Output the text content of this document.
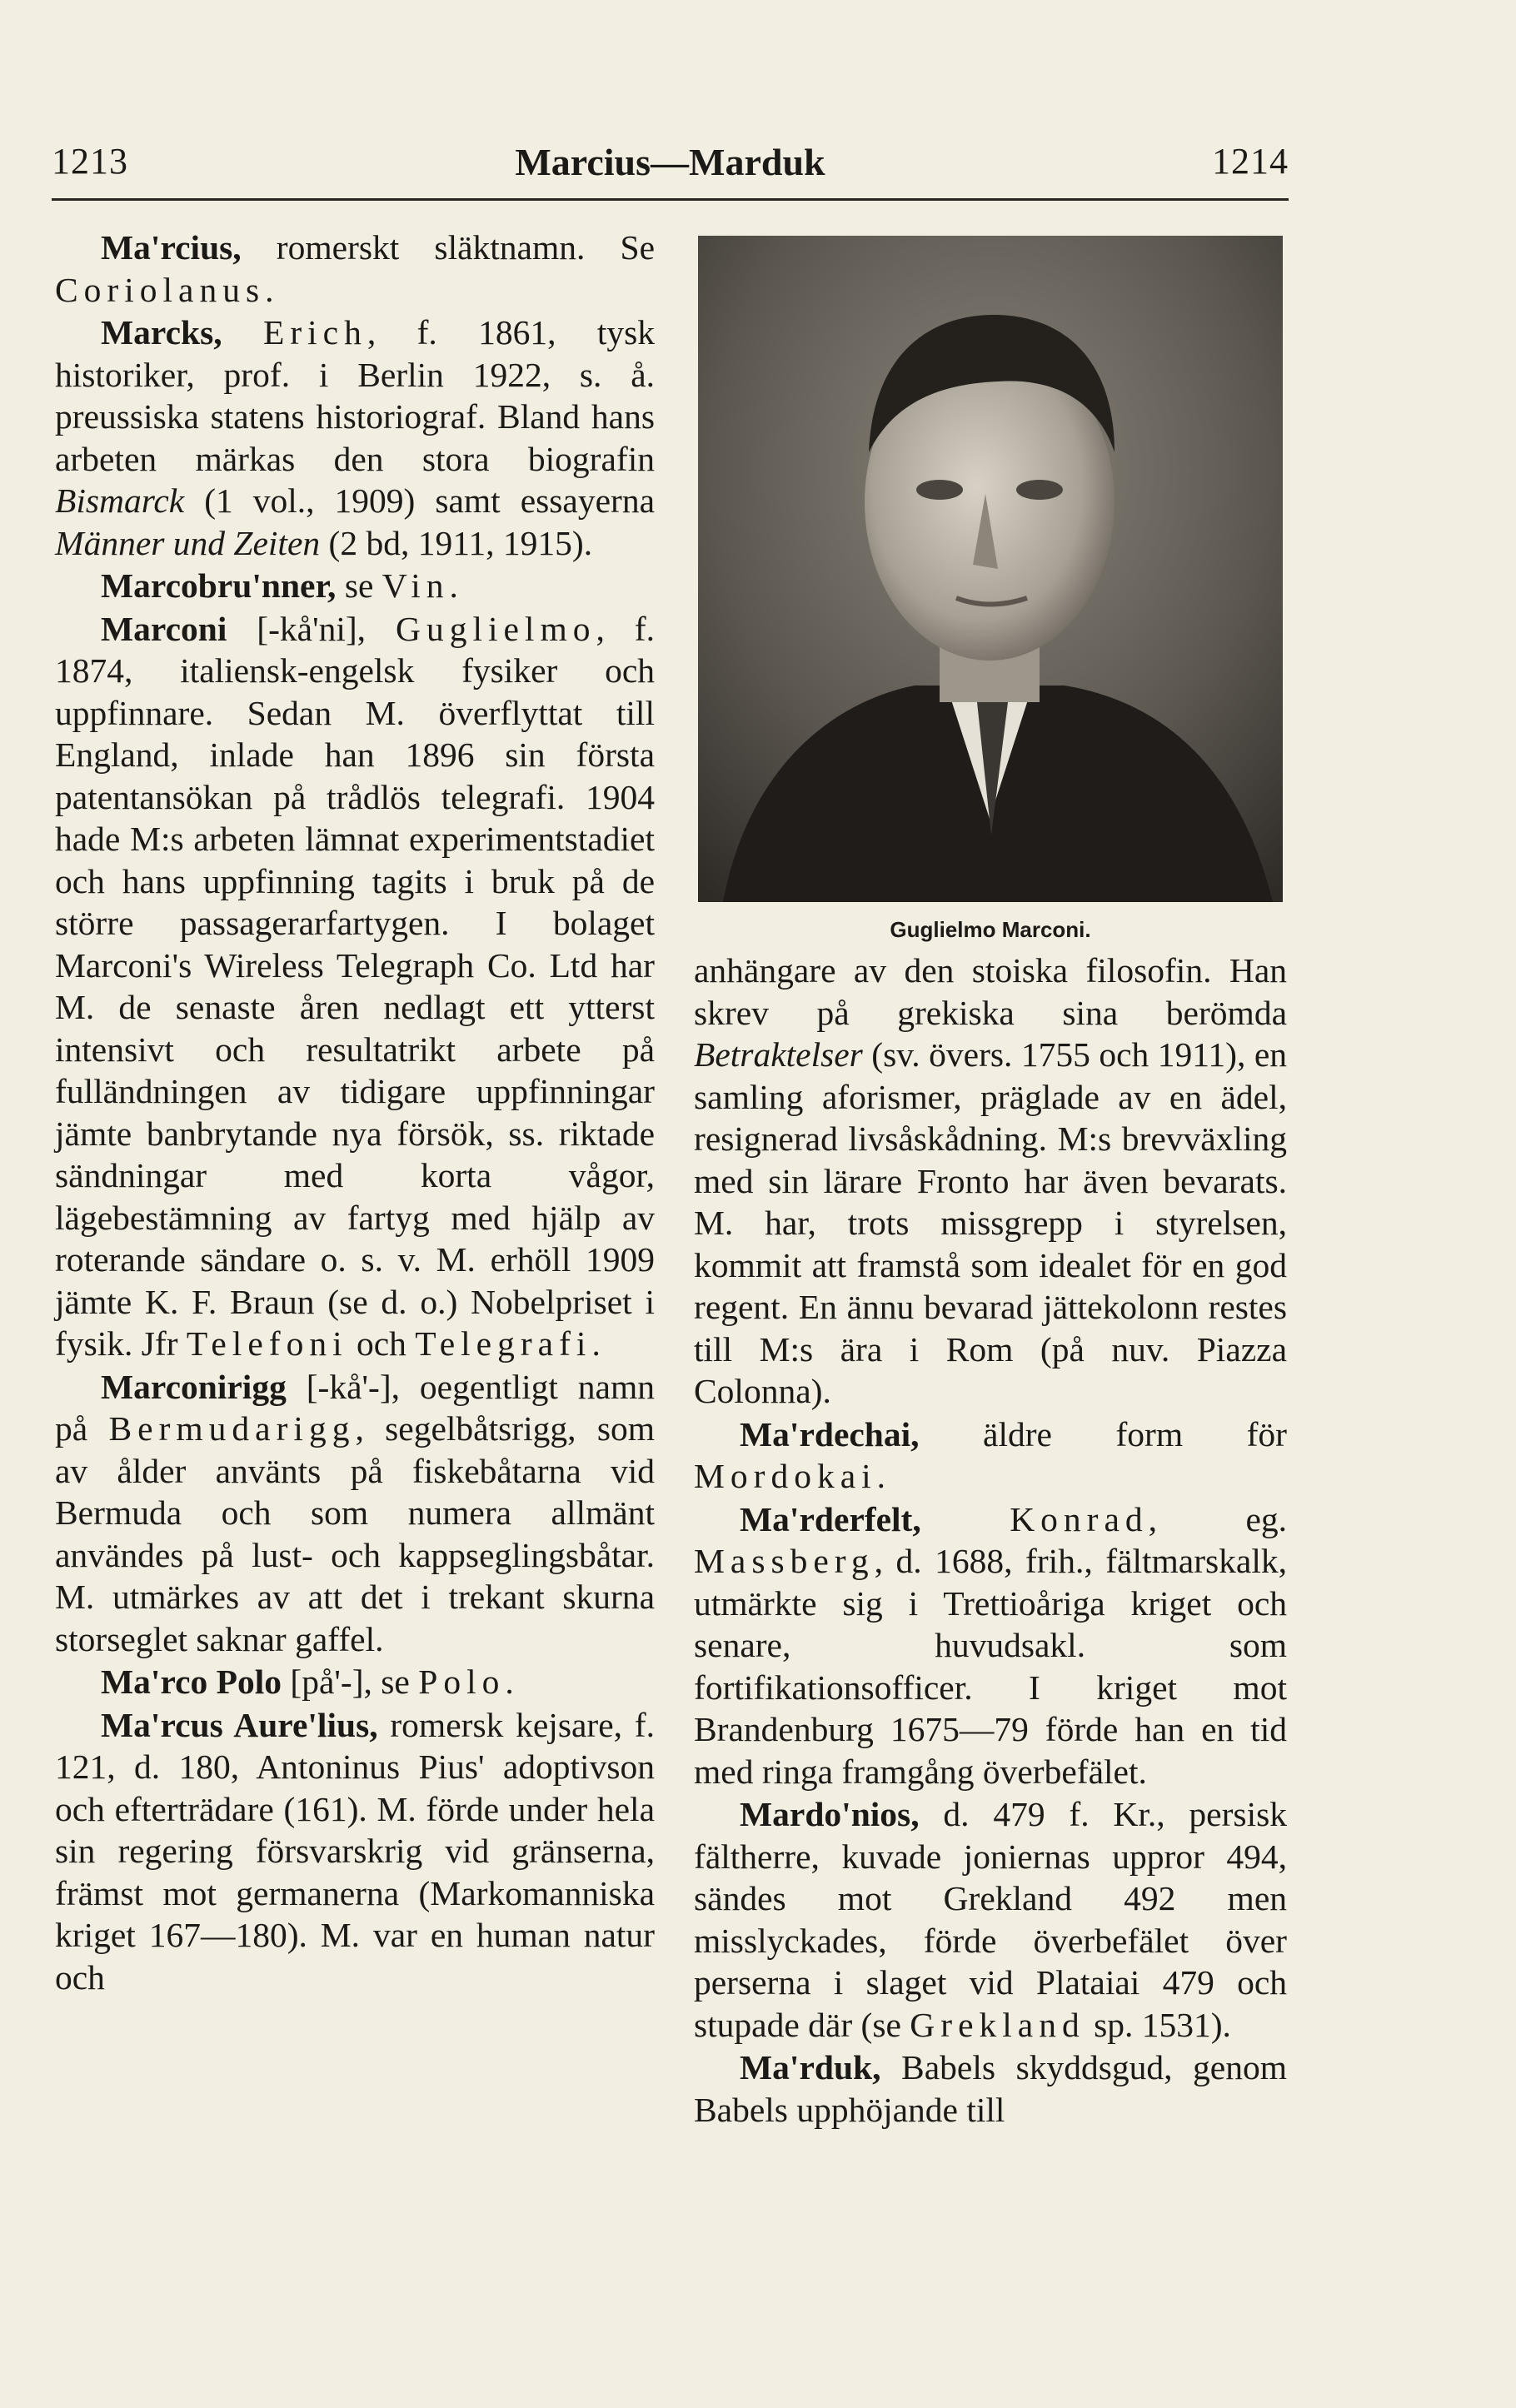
1213	Marcius—Marduk	1214

Ma'rcius, romerskt släktnamn. Se Coriolanus.

Marcks, Erich, f. 1861, tysk historiker, prof. i Berlin 1922, s. å. preussiska statens historiograf. Bland hans arbeten märkas den stora biografin Bismarck (1 vol., 1909) samt essayerna Männer und Zeiten (2 bd, 1911, 1915).

Marcobru'nner, se Vin.

Marconi [-kå'ni], Guglielmo, f. 1874, italiensk-engelsk fysiker och uppfinnare. Sedan M. överflyttat till England, inlade han 1896 sin första patentansökan på trådlös telegrafi. 1904 hade M:s arbeten lämnat experimentstadiet och hans uppfinning tagits i bruk på de större passagerarfartygen. I bolaget Marconi's Wireless Telegraph Co. Ltd har M. de senaste åren nedlagt ett ytterst intensivt och resultatrikt arbete på fulländningen av tidigare uppfinningar jämte banbrytande nya försök, ss. riktade sändningar med korta vågor, lägebestämning av fartyg med hjälp av roterande sändare o. s. v. M. erhöll 1909 jämte K. F. Braun (se d. o.) Nobelpriset i fysik. Jfr Telefoni och Telegrafi.

Marconirigg [-kå'-], oegentligt namn på Bermudarigg, segelbåtsrigg, som av ålder använts på fiskebåtarna vid Bermuda och som numera allmänt användes på lust- och kappseglingsbåtar. M. utmärkes av att det i trekant skurna storseglet saknar gaffel.

Ma'rco Polo [på'-], se Polo.

Ma'rcus Aure'lius, romersk kejsare, f. 121, d. 180, Antoninus Pius' adoptivson och efterträdare (161). M. förde under hela sin regering försvarskrig vid gränserna, främst mot germanerna (Markomanniska kriget 167—180). M. var en human natur och

Guglielmo Marconi.

anhängare av den stoiska filosofin. Han skrev på grekiska sina berömda Betraktelser (sv. övers. 1755 och 1911), en samling aforismer, präglade av en ädel, resignerad livsåskådning. M:s brevväxling med sin lärare Fronto har även bevarats. M. har, trots missgrepp i styrelsen, kommit att framstå som idealet för en god regent. En ännu bevarad jättekolonn restes till M:s ära i Rom (på nuv. Piazza Colonna).

Ma'rdechai, äldre form för Mordokai.

Ma'rderfelt,	Konrad, eg. Massberg, d. 1688, frih., fältmarskalk, utmärkte sig i Trettioåriga kriget och senare, huvudsakl. som fortifikationsofficer. I kriget mot Brandenburg 1675—79 förde han en tid med ringa framgång överbefälet.

Mardo'nios, d. 479 f. Kr., persisk fältherre, kuvade joniernas uppror 494, sändes mot Grekland 492 men misslyckades, förde överbefälet över perserna i slaget vid Plataiai 479 och stupade där (se Grekland sp. 1531).

Ma'rduk, Babels skyddsgud, genom Babels upphöjande till
